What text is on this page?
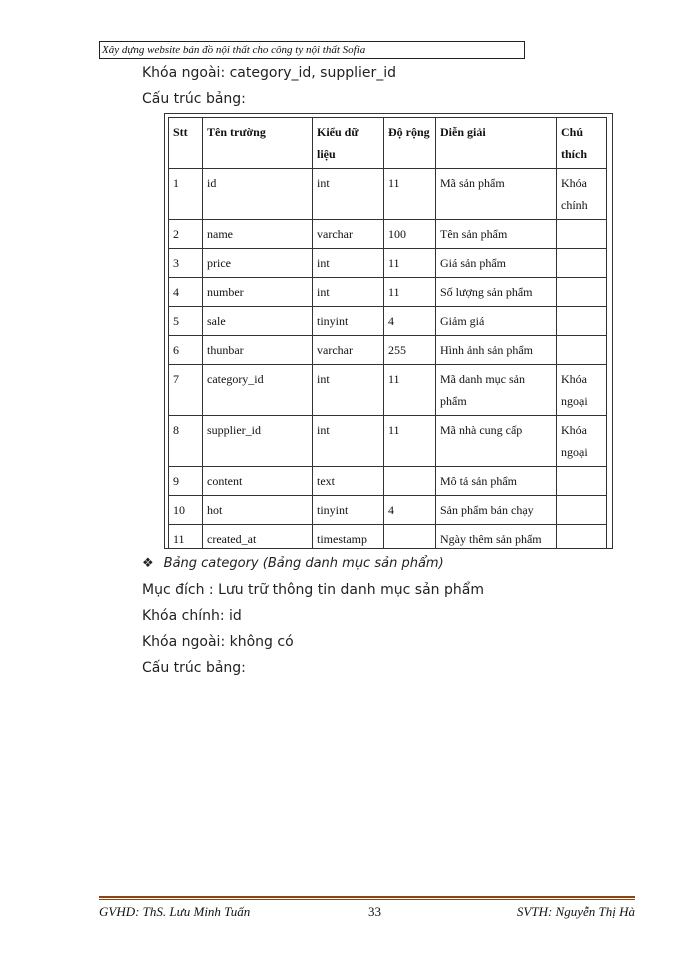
Xây dựng website bán đồ nội thất cho công ty nội thất Sofia
Khóa ngoài: category_id, supplier_id
Cấu trúc bảng:
Stt	Tên trường	Kiểu dữ liệu	Độ rộng	Diễn giải	Chú thích
1	id	int	11	Mã sản phẩm	Khóa chính
2	name	varchar	100	Tên sản phẩm	
3	price	int	11	Giá sản phẩm	
4	number	int	11	Số lượng sản phẩm	
5	sale	tinyint	4	Giảm giá	
6	thunbar	varchar	255	Hình ảnh sản phẩm	
7	category_id	int	11	Mã danh mục sản phẩm	Khóa ngoại
8	supplier_id	int	11	Mã nhà cung cấp	Khóa ngoại
9	content	text		Mô tả sản phẩm	
10	hot	tinyint	4	Sản phẩm bán chạy	
11	created_at	timestamp		Ngày thêm sản phẩm	

❖ Bảng category (Bảng danh mục sản phẩm)
Mục đích : Lưu trữ thông tin danh mục sản phẩm
Khóa chính: id
Khóa ngoài: không có
Cấu trúc bảng:
GVHD: ThS. Lưu Minh Tuấn	33	SVTH: Nguyễn Thị Hà
